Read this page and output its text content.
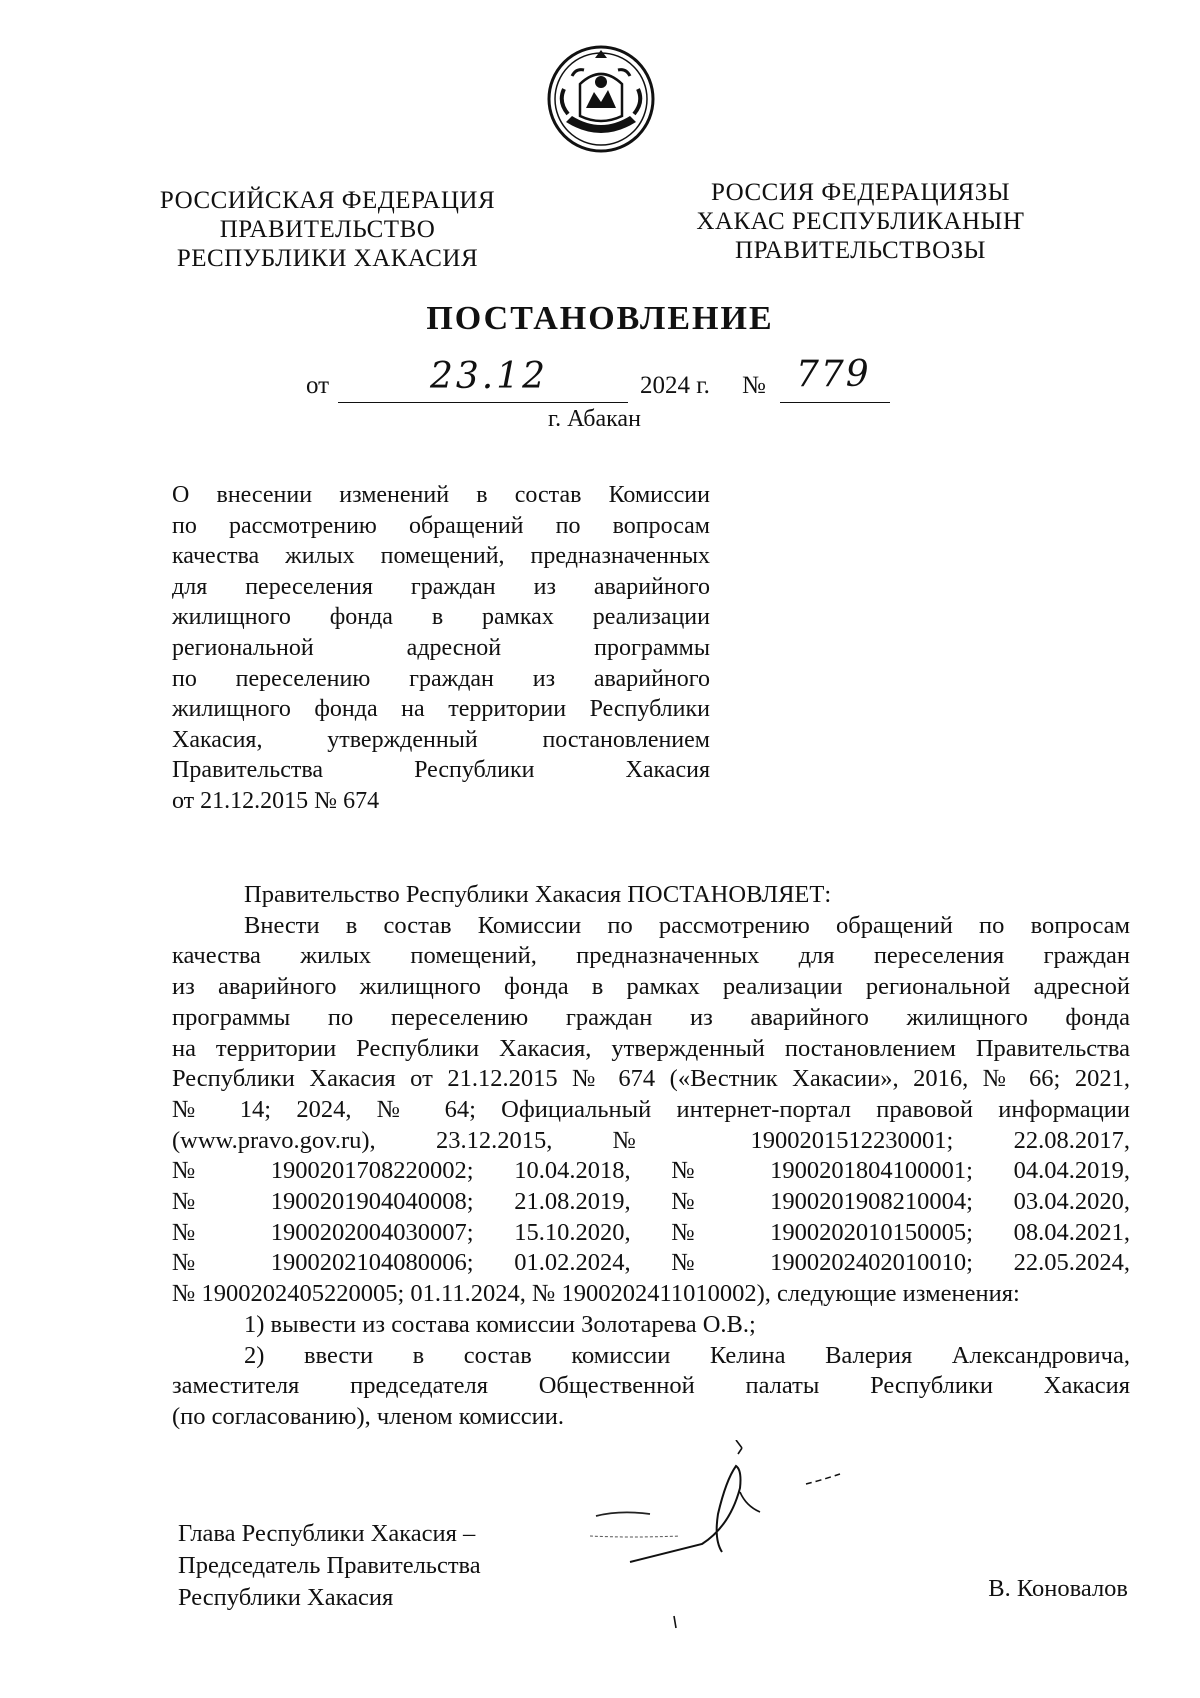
РОССИЙСКАЯ ФЕДЕРАЦИЯ
ПРАВИТЕЛЬСТВО
РЕСПУБЛИКИ ХАКАСИЯ
РОССИЯ ФЕДЕРАЦИЯЗЫ
ХАКАС РЕСПУБЛИКАНЫҤ
ПРАВИТЕЛЬСТВОЗЫ
ПОСТАНОВЛЕНИЕ
от	23.12	2024 г. № 779
г. Абакан
О внесении изменений в состав Комиссии
по рассмотрению обращений по вопросам
качества жилых помещений, предназначенных
для переселения граждан из аварийного
жилищного фонда в рамках реализации
региональной адресной программы
по переселению граждан из аварийного
жилищного фонда на территории Республики
Хакасия, утвержденный постановлением
Правительства Республики Хакасия
от 21.12.2015 № 674
Правительство Республики Хакасия ПОСТАНОВЛЯЕТ:
Внести в состав Комиссии по рассмотрению обращений по вопросам
качества жилых помещений, предназначенных для переселения граждан
из аварийного жилищного фонда в рамках реализации региональной адресной
программы по переселению граждан из аварийного жилищного фонда
на территории Республики Хакасия, утвержденный постановлением Правительства
Республики Хакасия от 21.12.2015 № 674 («Вестник Хакасии», 2016, № 66; 2021,
№ 14; 2024, № 64; Официальный интернет-портал правовой информации
(www.pravo.gov.ru), 23.12.2015, № 1900201512230001; 22.08.2017,
№ 1900201708220002; 10.04.2018, № 1900201804100001; 04.04.2019,
№ 1900201904040008; 21.08.2019, № 1900201908210004; 03.04.2020,
№ 1900202004030007; 15.10.2020, № 1900202010150005; 08.04.2021,
№ 1900202104080006; 01.02.2024, № 1900202402010010; 22.05.2024,
№ 1900202405220005; 01.11.2024, № 1900202411010002), следующие изменения:
1) вывести из состава комиссии Золотарева О.В.;
2) ввести в состав комиссии Келина Валерия Александровича,
заместителя председателя Общественной палаты Республики Хакасия
(по согласованию), членом комиссии.
Глава Республики Хакасия –
Председатель Правительства
Республики Хакасия	В. Коновалов
